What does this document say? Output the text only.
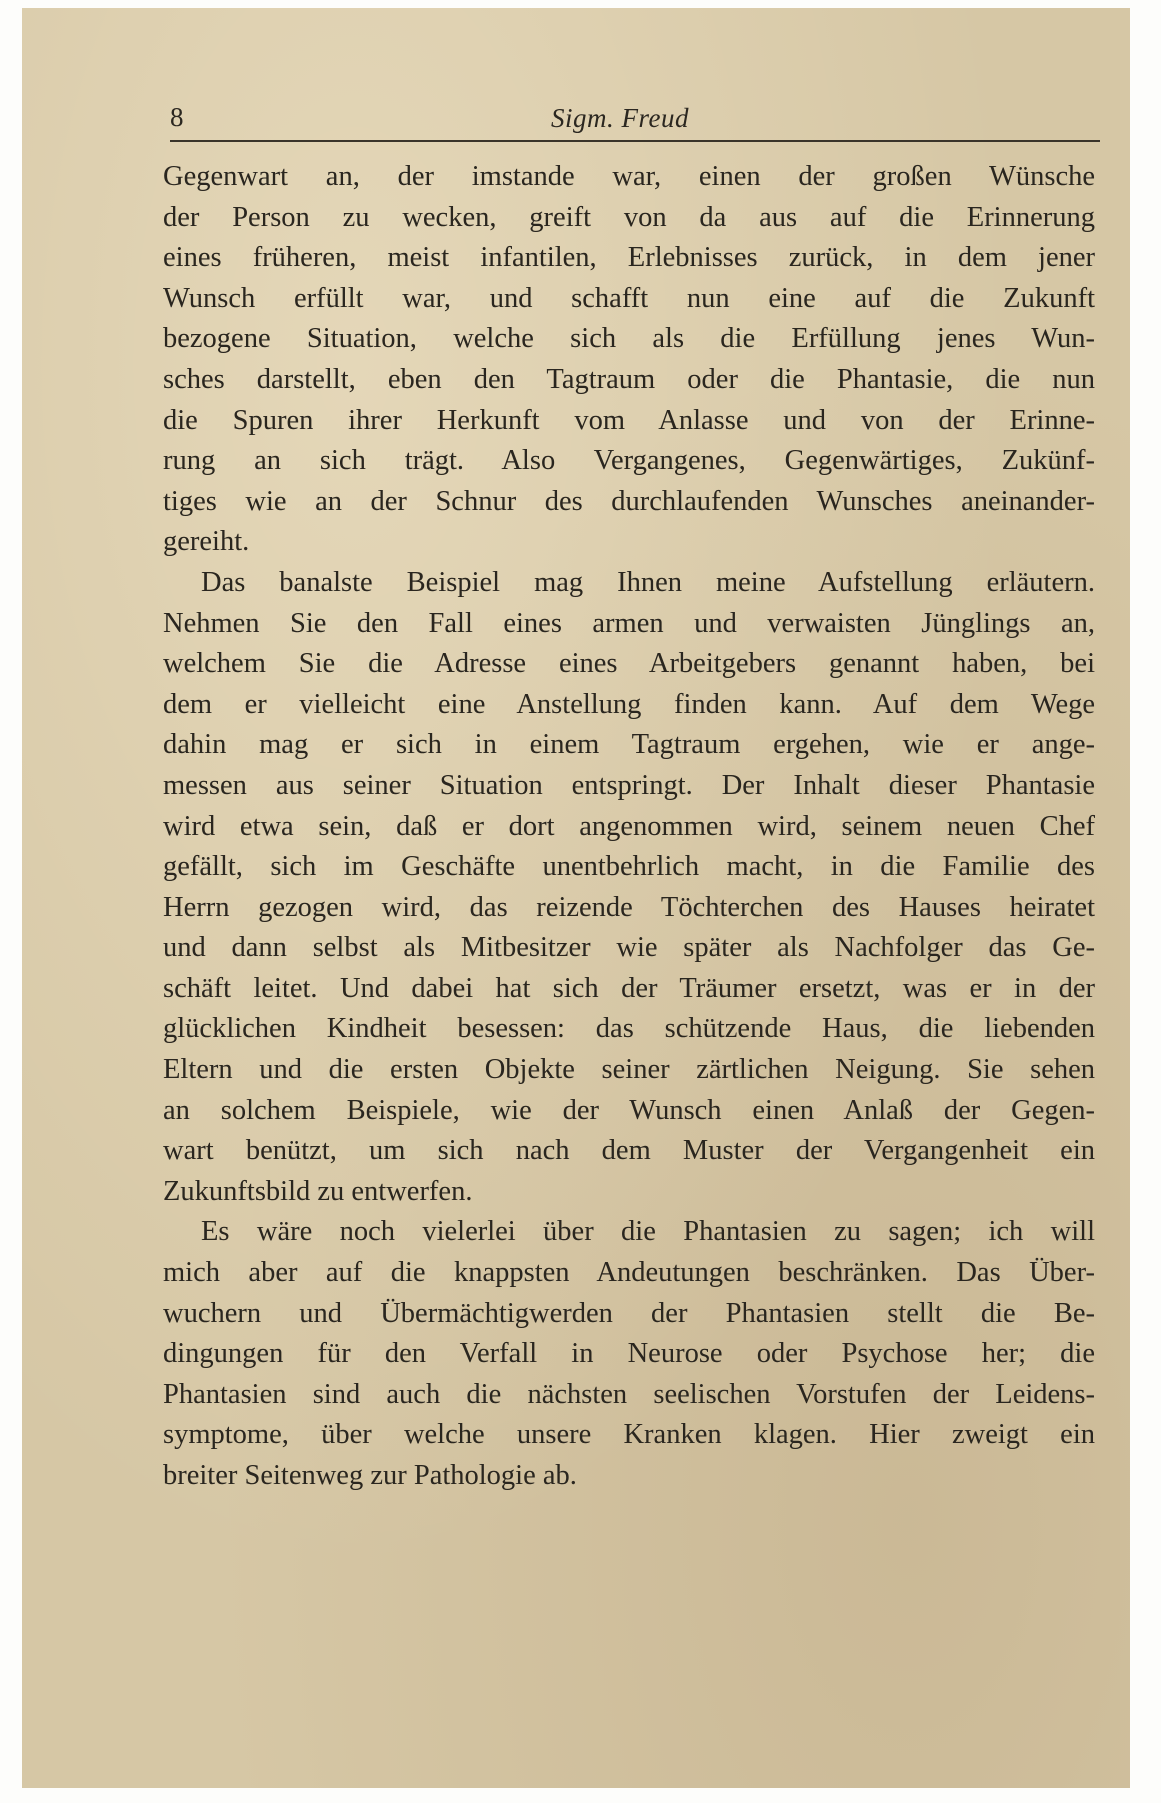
8	Sigm. Freud
Gegenwart an, der imstande war, einen der großen Wünsche
der Person zu wecken, greift von da aus auf die Erinnerung
eines früheren, meist infantilen, Erlebnisses zurück, in dem jener
Wunsch erfüllt war, und schafft nun eine auf die Zukunft
bezogene Situation, welche sich als die Erfüllung jenes Wun-
sches darstellt, eben den Tagtraum oder die Phantasie, die nun
die Spuren ihrer Herkunft vom Anlasse und von der Erinne-
rung an sich trägt. Also Vergangenes, Gegenwärtiges, Zukünf-
tiges wie an der Schnur des durchlaufenden Wunsches aneinander-
gereiht.
Das banalste Beispiel mag Ihnen meine Aufstellung erläutern.
Nehmen Sie den Fall eines armen und verwaisten Jünglings an,
welchem Sie die Adresse eines Arbeitgebers genannt haben, bei
dem er vielleicht eine Anstellung finden kann. Auf dem Wege
dahin mag er sich in einem Tagtraum ergehen, wie er ange-
messen aus seiner Situation entspringt. Der Inhalt dieser Phantasie
wird etwa sein, daß er dort angenommen wird, seinem neuen Chef
gefällt, sich im Geschäfte unentbehrlich macht, in die Familie des
Herrn gezogen wird, das reizende Töchterchen des Hauses heiratet
und dann selbst als Mitbesitzer wie später als Nachfolger das Ge-
schäft leitet. Und dabei hat sich der Träumer ersetzt, was er in der
glücklichen Kindheit besessen: das schützende Haus, die liebenden
Eltern und die ersten Objekte seiner zärtlichen Neigung. Sie sehen
an solchem Beispiele, wie der Wunsch einen Anlaß der Gegen-
wart benützt, um sich nach dem Muster der Vergangenheit ein
Zukunftsbild zu entwerfen.
Es wäre noch vielerlei über die Phantasien zu sagen; ich will
mich aber auf die knappsten Andeutungen beschränken. Das Über-
wuchern und Übermächtigwerden der Phantasien stellt die Be-
dingungen für den Verfall in Neurose oder Psychose her; die
Phantasien sind auch die nächsten seelischen Vorstufen der Leidens-
symptome, über welche unsere Kranken klagen. Hier zweigt ein
breiter Seitenweg zur Pathologie ab.
